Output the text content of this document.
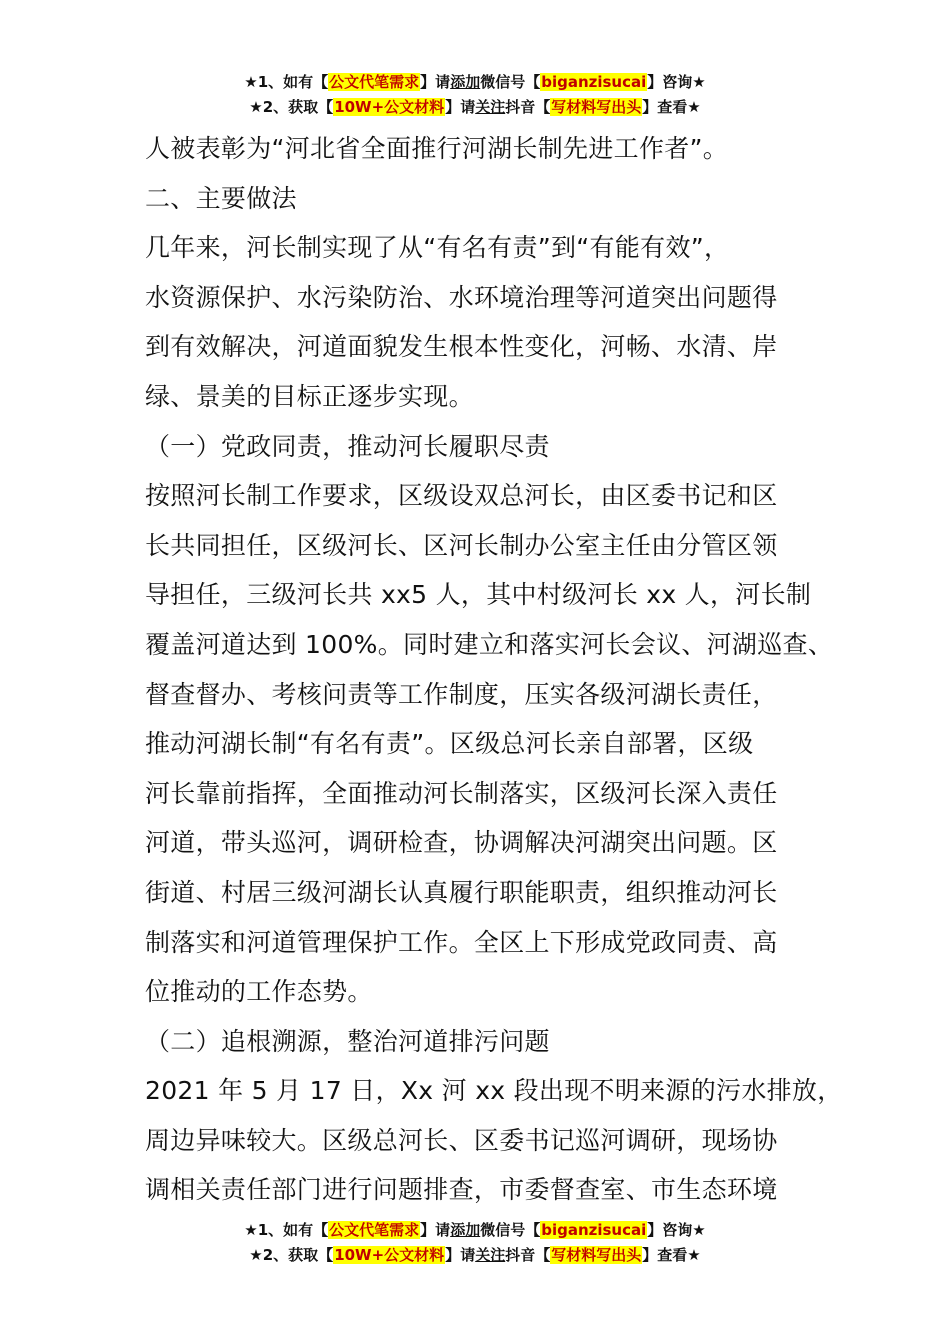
★1、如有【公文代笔需求】请添加微信号【biganzisucai】咨询★
★2、获取【10W+公文材料】请关注抖音【写材料写出头】查看★

人被表彰为“河北省全面推行河湖长制先进工作者”。

二、主要做法

几年来，河长制实现了从“有名有责”到“有能有效”，

水资源保护、水污染防治、水环境治理等河道突出问题得

到有效解决，河道面貌发生根本性变化，河畅、水清、岸

绿、景美的目标正逐步实现。

（一）党政同责，推动河长履职尽责

按照河长制工作要求，区级设双总河长，由区委书记和区

长共同担任，区级河长、区河长制办公室主任由分管区领

导担任，三级河长共 xx5 人，其中村级河长 xx 人，河长制

覆盖河道达到 100%。同时建立和落实河长会议、河湖巡查、

督查督办、考核问责等工作制度，压实各级河湖长责任，

推动河湖长制“有名有责”。区级总河长亲自部署，区级

河长靠前指挥，全面推动河长制落实，区级河长深入责任

河道，带头巡河，调研检查，协调解决河湖突出问题。区

街道、村居三级河湖长认真履行职能职责，组织推动河长

制落实和河道管理保护工作。全区上下形成党政同责、高

位推动的工作态势。

（二）追根溯源，整治河道排污问题

2021 年 5 月 17 日，Xx 河 xx 段出现不明来源的污水排放，

周边异味较大。区级总河长、区委书记巡河调研，现场协

调相关责任部门进行问题排查，市委督查室、市生态环境

★1、如有【公文代笔需求】请添加微信号【biganzisucai】咨询★
★2、获取【10W+公文材料】请关注抖音【写材料写出头】查看★
